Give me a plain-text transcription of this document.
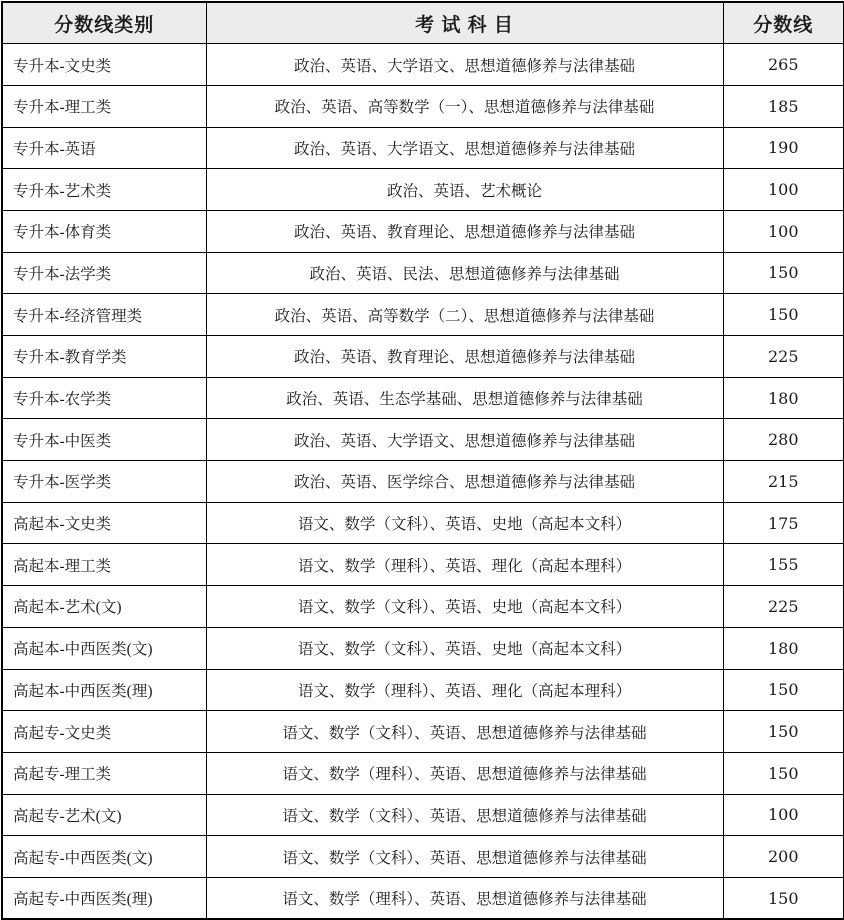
分数线类别	考 试 科 目	分数线
专升本-文史类	政治、英语、大学语文、思想道德修养与法律基础	265
专升本-理工类	政治、英语、高等数学（一）、思想道德修养与法律基础	185
专升本-英语	政治、英语、大学语文、思想道德修养与法律基础	190
专升本-艺术类	政治、英语、艺术概论	100
专升本-体育类	政治、英语、教育理论、思想道德修养与法律基础	100
专升本-法学类	政治、英语、民法、思想道德修养与法律基础	150
专升本-经济管理类	政治、英语、高等数学（二）、思想道德修养与法律基础	150
专升本-教育学类	政治、英语、教育理论、思想道德修养与法律基础	225
专升本-农学类	政治、英语、生态学基础、思想道德修养与法律基础	180
专升本-中医类	政治、英语、大学语文、思想道德修养与法律基础	280
专升本-医学类	政治、英语、医学综合、思想道德修养与法律基础	215
高起本-文史类	语文、数学（文科）、英语、史地（高起本文科）	175
高起本-理工类	语文、数学（理科）、英语、理化（高起本理科）	155
高起本-艺术(文)	语文、数学（文科）、英语、史地（高起本文科）	225
高起本-中西医类(文)	语文、数学（文科）、英语、史地（高起本文科）	180
高起本-中西医类(理)	语文、数学（理科）、英语、理化（高起本理科）	150
高起专-文史类	语文、数学（文科）、英语、思想道德修养与法律基础	150
高起专-理工类	语文、数学（理科）、英语、思想道德修养与法律基础	150
高起专-艺术(文)	语文、数学（文科）、英语、思想道德修养与法律基础	100
高起专-中西医类(文)	语文、数学（文科）、英语、思想道德修养与法律基础	200
高起专-中西医类(理)	语文、数学（理科）、英语、思想道德修养与法律基础	150
